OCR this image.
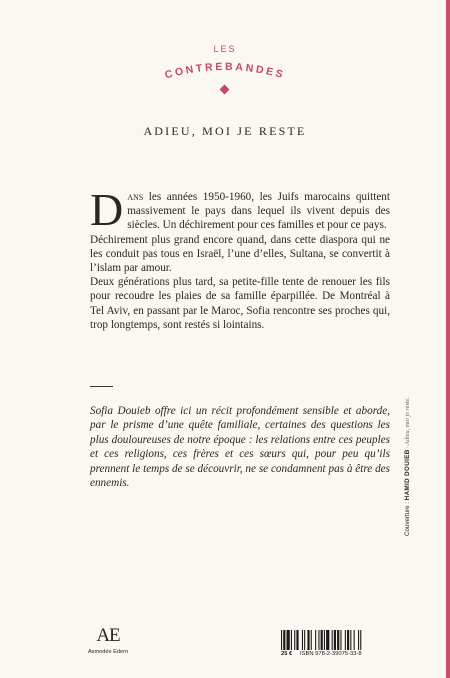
LES
CONTREBANDES
ADIEU, MOI JE RESTE

Dans les années 1950-1960, les Juifs marocains quittent massivement le pays dans lequel ils vivent depuis des siècles. Un déchirement pour ces familles et pour ce pays.

Déchirement plus grand encore quand, dans cette diaspora qui ne les conduit pas tous en Israël, l’une d’elles, Sultana, se convertit à l’islam par amour.

Deux générations plus tard, sa petite-fille tente de renouer les fils pour recoudre les plaies de sa famille éparpillée. De Montréal à Tel Aviv, en passant par le Maroc, Sofia rencontre ses proches qui, trop longtemps, sont restés si lointains.

Sofia Douieb offre ici un récit profondément sensible et aborde, par le prisme d’une quête familiale, certaines des questions les plus douloureuses de notre époque : les relations entre ces peuples et ces religions, ces frères et ces sœurs qui, pour peu qu’ils prennent le temps de se découvrir, ne se condamnent pas à être des ennemis.

Couverture : HAMID DOUIEB · Adieu, moi je reste.
AE
Asmodée Edern	25 € ISBN 978-2-39075-33-8
